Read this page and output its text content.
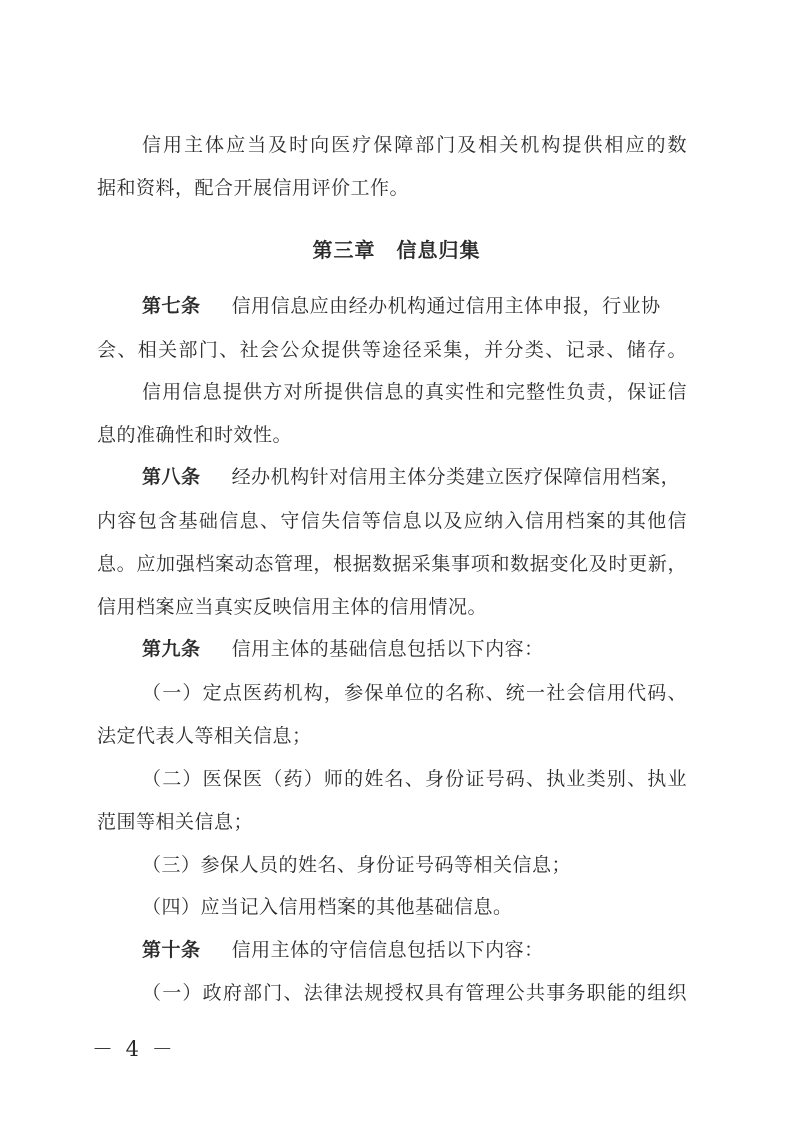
信用主体应当及时向医疗保障部门及相关机构提供相应的数
据和资料，配合开展信用评价工作。
第三章　信息归集
第七条 信用信息应由经办机构通过信用主体申报，行业协
会、相关部门、社会公众提供等途径采集，并分类、记录、储存。
信用信息提供方对所提供信息的真实性和完整性负责，保证信
息的准确性和时效性。
第八条 经办机构针对信用主体分类建立医疗保障信用档案，
内容包含基础信息、守信失信等信息以及应纳入信用档案的其他信
息。应加强档案动态管理，根据数据采集事项和数据变化及时更新，
信用档案应当真实反映信用主体的信用情况。
第九条 信用主体的基础信息包括以下内容：
（一）定点医药机构，参保单位的名称、统一社会信用代码、
法定代表人等相关信息；
（二）医保医（药）师的姓名、身份证号码、执业类别、执业
范围等相关信息；
（三）参保人员的姓名、身份证号码等相关信息；
（四）应当记入信用档案的其他基础信息。
第十条 信用主体的守信信息包括以下内容：
（一）政府部门、法律法规授权具有管理公共事务职能的组织
－ 4 －
